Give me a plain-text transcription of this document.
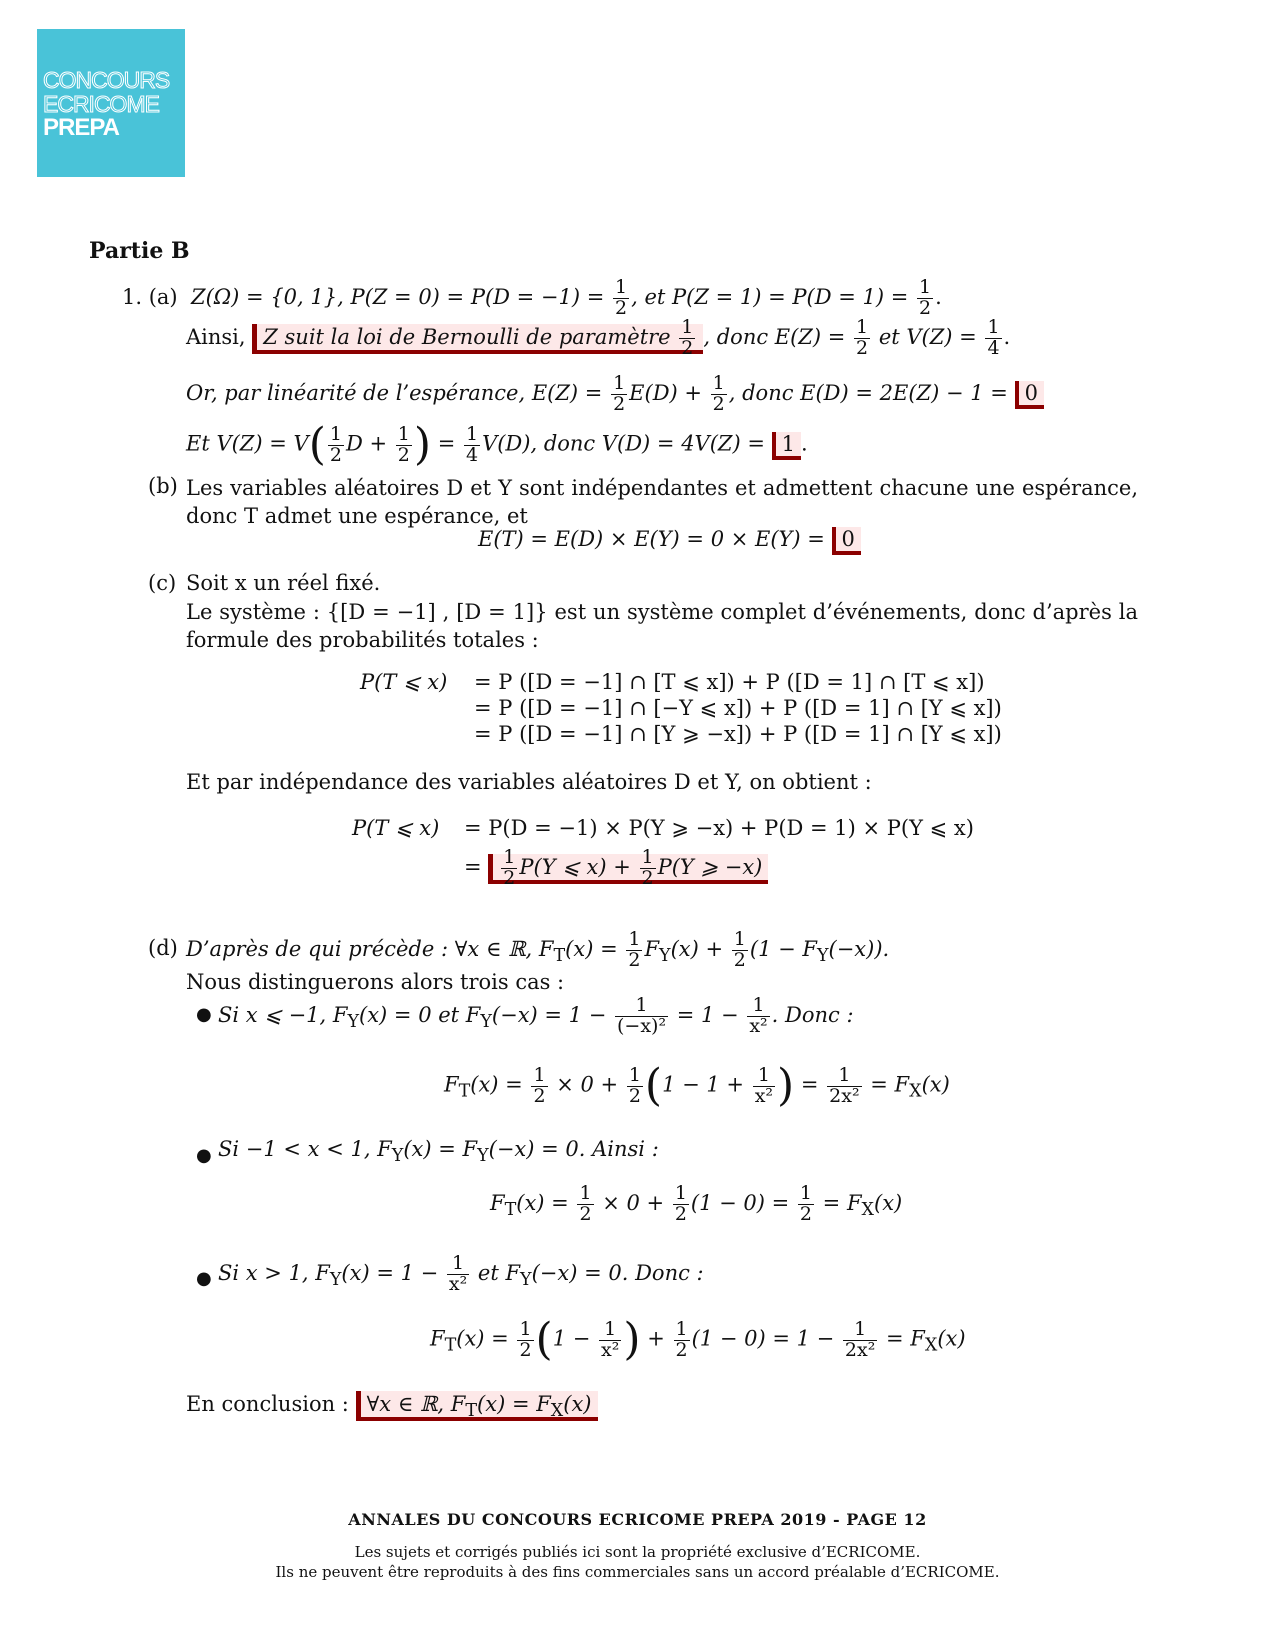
CONCOURS
ECRICOME
PREPA
Partie B
1. (a) Z(Ω) = {0, 1}, $P(Z = 0) = P(D = -1) = \frac{1}{2}$ , et $P(Z = 1) = P(D = 1) = \frac{1}{2}$ .
Ainsi, Z suit la loi de Bernoulli de paramètre $\frac{1}{2}$ , donc $E(Z) = \frac{1}{2}$ et $V(Z) = \frac{1}{4}$ .
Or, par linéarité de l’espérance, $E(Z) = \frac{1}{2} E(D) + \frac{1}{2}$ , donc E(D) = 2E(Z) − 1 = 0
Et $V(Z) = V( \frac{1}{2}$ $D + \frac{1}{2}$ ) = $\frac{1}{4} V(D)$, donc V(D) = 4V(Z) = 1 .
(b) Les variables aléatoires D et Y sont indépendantes et admettent chacune une espérance, donc T admet une espérance, et
E(T) = E(D) × E(Y) = 0 × E(Y) = 0
(c) Soit x un réel fixé.
Le système : {[D = −1] , [D = 1]} est un système complet d’événements, donc d’après la formule des probabilités totales :
P(T ⩽ x) = P ([D = −1] ∩ [T ⩽ x]) + P ([D = 1] ∩ [T ⩽ x])
= P ([D = −1] ∩ [−Y ⩽ x]) + P ([D = 1] ∩ [Y ⩽ x])
= P ([D = −1] ∩ [Y ⩾ −x]) + P ([D = 1] ∩ [Y ⩽ x])
Et par indépendance des variables aléatoires D et Y, on obtient :
P(T ⩽ x) = P(D = −1) × P(Y ⩾ −x) + P(D = 1) × P(Y ⩽ x)
= $\frac{1}{2} P(Y$ ⩽ $x) + \frac{1}{2} P(Y$ ⩾ −x)
(d) D’après de qui précède : ∀x ∈ ℝ, $F_T(x) = \frac{1}{2} F_Y(x) + \frac{1}{2} (1 - F_Y(-x))$.
Nous distinguerons alors trois cas :
● Si x ⩽ −1, $F_Y(x) = 0$ et $F_Y(-x) = 1 - \frac{1}{\text{(−x)²}} = 1 - \frac{1}{\text{x²}}$ . Donc :
$F_T(x) = \frac{1}{2} \times 0 + \frac{1}{2} (1 - 1 + \frac{1}{\text{x²}}$ ) = $\frac{1}{\text{2x²}} = F_X(x)$
● Si −1 < x < 1, $F_Y(x) = F_Y(-x) = 0$. Ainsi :
$F_T(x) = \frac{1}{2} \times 0 + \frac{1}{2} (1 - 0) = \frac{1}{2} = F_X(x)$
● Si x > 1, $F_Y(x) = 1 - \frac{1}{\text{x²}}$ et $F_Y(-x) = 0$. Donc :
$F_T(x) = \frac{1}{2} (1 - \frac{1}{\text{x²}}$ ) + $\frac{1}{2} (1 - 0) = 1 - \frac{1}{\text{2x²}} = F_X(x)$
En conclusion : ∀x ∈ ℝ, $F_T(x) = F_X(x)$
ANNALES DU CONCOURS ECRICOME PREPA 2019 - PAGE 12
Les sujets et corrigés publiés ici sont la propriété exclusive d’ECRICOME.
Ils ne peuvent être reproduits à des fins commerciales sans un accord préalable d’ECRICOME.
